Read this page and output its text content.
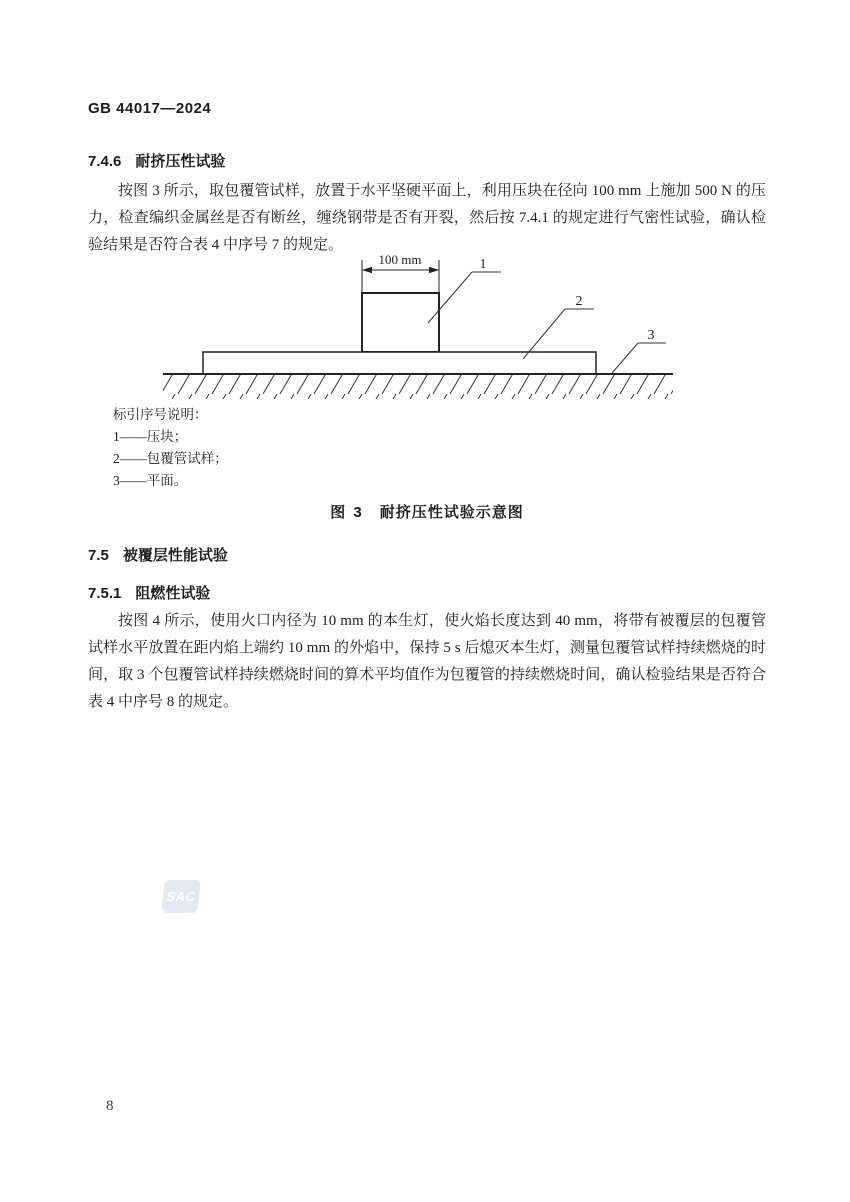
GB 44017—2024
7.4.6 耐挤压性试验
按图 3 所示，取包覆管试样，放置于水平坚硬平面上，利用压块在径向 100 mm 上施加 500 N 的压力，检查编织金属丝是否有断丝，缠绕钢带是否有开裂，然后按 7.4.1 的规定进行气密性试验，确认检验结果是否符合表 4 中序号 7 的规定。
100 mm	1
2
3
标引序号说明：
1——压块；
2——包覆管试样；
3——平面。
图 3 耐挤压性试验示意图
7.5 被覆层性能试验
7.5.1 阻燃性试验
按图 4 所示，使用火口内径为 10 mm 的本生灯，使火焰长度达到 40 mm，将带有被覆层的包覆管试样水平放置在距内焰上端约 10 mm 的外焰中，保持 5 s 后熄灭本生灯，测量包覆管试样持续燃烧的时间，取 3 个包覆管试样持续燃烧时间的算术平均值作为包覆管的持续燃烧时间，确认检验结果是否符合表 4 中序号 8 的规定。
SAC
8
